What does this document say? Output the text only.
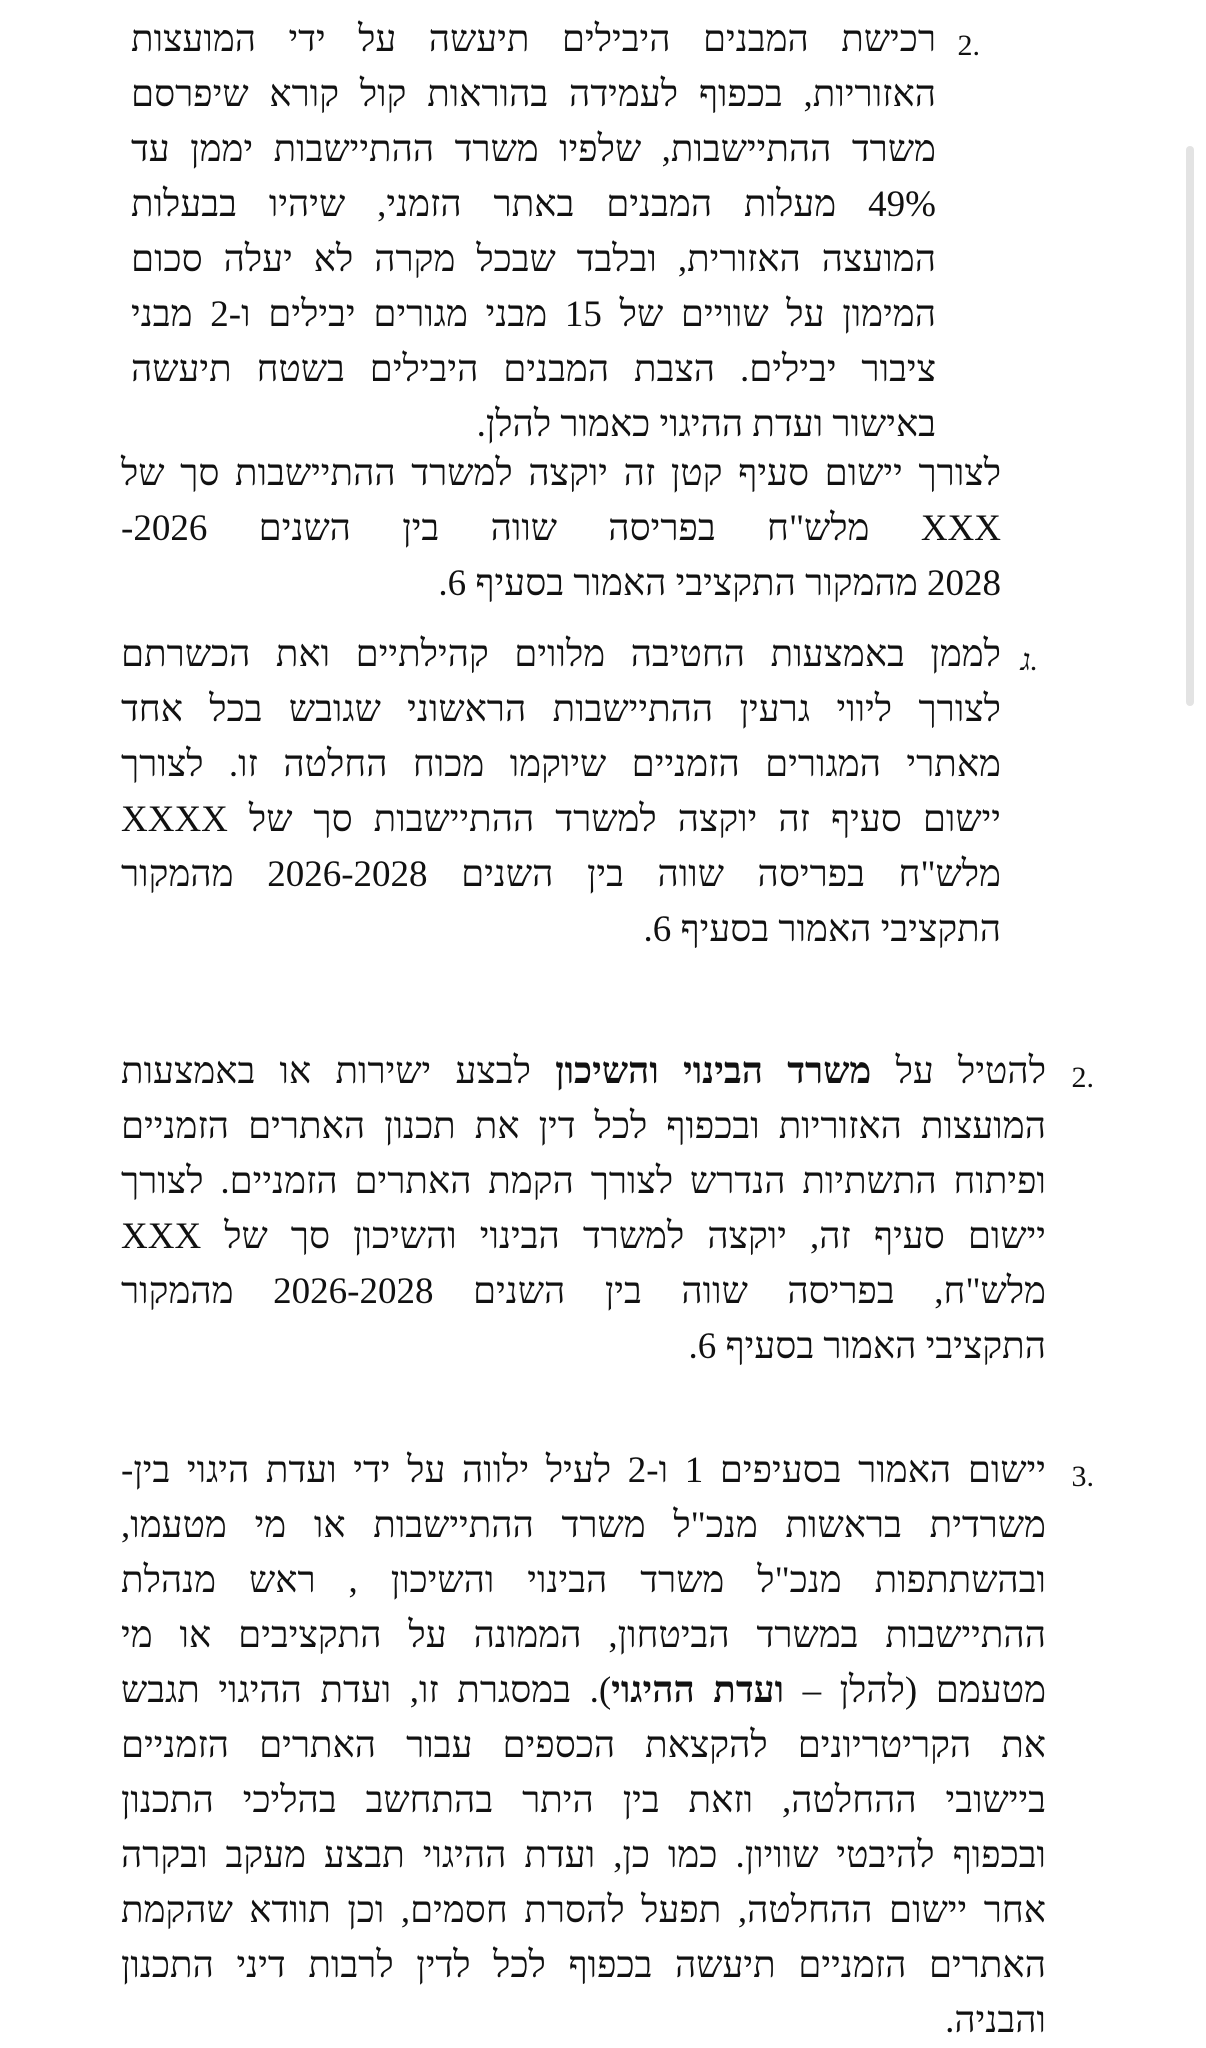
2.
רכישת המבנים היבילים תיעשה על ידי המועצות
האזוריות, בכפוף לעמידה בהוראות קול קורא שיפרסם
משרד ההתיישבות, שלפיו משרד ההתיישבות יממן עד
49% מעלות המבנים באתר הזמני, שיהיו בבעלות
המועצה האזורית, ובלבד שבכל מקרה לא יעלה סכום
המימון על שוויים של 15 מבני מגורים יבילים ו-2 מבני
ציבור יבילים. הצבת המבנים היבילים בשטח תיעשה
באישור ועדת ההיגוי כאמור להלן.
לצורך יישום סעיף קטן זה יוקצה למשרד ההתיישבות סך של
XXX מלש"ח בפריסה שווה בין השנים 2026-
2028 מהמקור התקציבי האמור בסעיף 6.
ג.
לממן באמצעות החטיבה מלווים קהילתיים ואת הכשרתם
לצורך ליווי גרעין ההתיישבות הראשוני שגובש בכל אחד
מאתרי המגורים הזמניים שיוקמו מכוח החלטה זו. לצורך
יישום סעיף זה יוקצה למשרד ההתיישבות סך של XXXX
מלש"ח בפריסה שווה בין השנים 2026-2028 מהמקור
התקציבי האמור בסעיף 6.
2.
להטיל על משרד הבינוי והשיכון לבצע ישירות או באמצעות
המועצות האזוריות ובכפוף לכל דין את תכנון האתרים הזמניים
ופיתוח התשתיות הנדרש לצורך הקמת האתרים הזמניים. לצורך
יישום סעיף זה, יוקצה למשרד הבינוי והשיכון סך של XXX
מלש"ח, בפריסה שווה בין השנים 2026-2028 מהמקור
התקציבי האמור בסעיף 6.
3.
יישום האמור בסעיפים 1 ו-2 לעיל ילווה על ידי ועדת היגוי בין-
משרדית בראשות מנכ"ל משרד ההתיישבות או מי מטעמו,
ובהשתתפות מנכ"ל משרד הבינוי והשיכון , ראש מנהלת
ההתיישבות במשרד הביטחון, הממונה על התקציבים או מי
מטעמם (להלן – ועדת ההיגוי). במסגרת זו, ועדת ההיגוי תגבש
את הקריטריונים להקצאת הכספים עבור האתרים הזמניים
ביישובי ההחלטה, וזאת בין היתר בהתחשב בהליכי התכנון
ובכפוף להיבטי שוויון. כמו כן, ועדת ההיגוי תבצע מעקב ובקרה
אחר יישום ההחלטה, תפעל להסרת חסמים, וכן תוודא שהקמת
האתרים הזמניים תיעשה בכפוף לכל לדין לרבות דיני התכנון
והבניה.
